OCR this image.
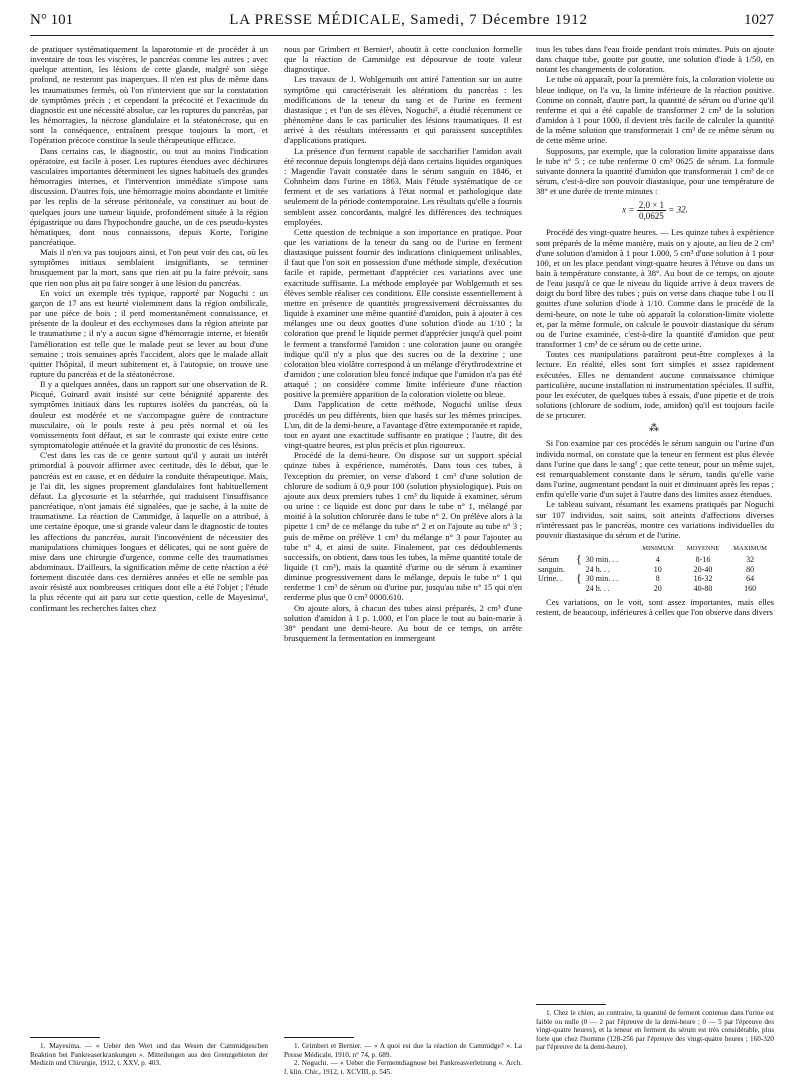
N° 101	LA PRESSE MÉDICALE, Samedi, 7 Décembre 1912	1027

de pratiquer systématiquement la laparotomie et de procéder à un inventaire de tous les viscères, le pancréas comme les autres ; avec quelque attention, les lésions de cette glande, malgré son siège profond, ne resteront pas inaperçues. Il n'en est plus de même dans les traumatismes fermés, où l'on n'intervient que sur la constatation de symptômes précis ; et cependant la précocité et l'exactitude du diagnostic est une nécessité absolue, car les ruptures du pancréas, par les hémorragies, la nécrose glandulaire et la stéatonécrose, qui en sont la conséquence, entraînent presque toujours la mort, et l'opération précoce constitue la seule thérapeutique efficace.

Dans certains cas, le diagnostic, ou tout au moins l'indication opératoire, est facile à poser. Les ruptures étendues avec déchirures vasculaires importantes déterminent les signes habituels des grandes hémorragies internes, et l'intervention immédiate s'impose sans discussion. D'autres fois, une hémorragie moins abondante et limitée par les replis de la séreuse péritonéale, va constituer au bout de quelques jours une tumeur liquide, profondément située à la région épigastrique ou dans l'hypochondre gauche, un de ces pseudo-kystes hématiques, dont nous connaissons, depuis Korte, l'origine pancréatique.

Mais il n'en va pas toujours ainsi, et l'on peut voir des cas, où les symptômes initiaux semblaient insignifiants, se terminer brusquement par la mort, sans que rien ait pu la faire prévoir, sans que rien non plus ait pu faire songer à une lésion du pancréas.

En voici un exemple très typique, rapporté par Noguchi : un garçon de 17 ans est heurté violemment dans la région ombilicale, par une pièce de bois ; il perd momentanément connaissance, et présente de la douleur et des ecchymoses dans la région atteinte par le traumatisme ; il n'y a aucun signe d'hémorragie interne, et bientôt l'amélioration est telle que le malade peut se lever au bout d'une semaine ; trois semaines après l'accident, alors que le malade allait quitter l'hôpital, il meurt subitement et, à l'autopsie, on trouve une rupture du pancréas et de la stéatonécrose.

Il y a quelques années, dans un rapport sur une observation de R. Picqué, Guinard avait insisté sur cette bénignité apparente des symptômes initiaux dans les ruptures isolées du pancréas, où la douleur est modérée et ne s'accompagne guère de contracture musculaire, où le pouls reste à peu près normal et où les vomissements font défaut, et sur le contraste qui existe entre cette symptomatologie atténuée et la gravité du pronostic de ces lésions.

C'est dans les cas de ce genre surtout qu'il y aurait un intérêt primordial à pouvoir affirmer avec certitude, dès le début, que le pancréas est en cause, et en déduire la conduite thérapeutique. Mais, je l'ai dit, les signes proprement glandulaires font habituellement défaut. La glycosurie et la stéarrhée, qui traduisent l'insuffisance pancréatique, n'ont jamais été signalées, que je sache, à la suite de traumatisme. La réaction de Cammidge, à laquelle on a attribué, à une certaine époque, une si grande valeur dans le diagnostic de toutes les affections du pancréas, aurait l'inconvénient de nécessiter des manipulations chimiques longues et délicates, qui ne sont guère de mise dans une chirurgie d'urgence, comme celle des traumatismes abdominaux. D'ailleurs, la signification même de cette réaction a été fortement discutée dans ces dernières années et elle ne semble pas avoir résisté aux nombreuses critiques dont elle a été l'objet ; l'étude la plus récente qui ait paru sur cette question, celle de Mayesima¹, confirmant les recherches faites chez

1. Mayesima. — « Ueber den Wert und das Wesen der Cammidgeschen Reaktion bei Pankreaserkrankungen ». Mitteilungen aus den Grenzgebieten der Medizin und Chirurgie, 1912, t. XXV, p. 403.

nous par Grimbert et Bernier¹, aboutit à cette conclusion formelle que la réaction de Cammidge est dépourvue de toute valeur diagnostique.

Les travaux de J. Wohlgemuth ont attiré l'attention sur un autre symptôme qui caractériserait les altérations du pancréas : les modifications de la teneur du sang et de l'urine en ferment diastasique ; et l'un de ses élèves, Noguchi², a étudié récemment ce phénomène dans le cas particulier des lésions traumatiques. Il est arrivé à des résultats intéressants et qui paraissent susceptibles d'applications pratiques.

La présence d'un ferment capable de saccharifier l'amidon avait été reconnue depuis longtemps déjà dans certains liquides organiques : Magendie l'avait constatée dans le sérum sanguin en 1846, et Cohnheim dans l'urine en 1863. Mais l'étude systématique de ce ferment et de ses variations à l'état normal et pathologique date seulement de la période contemporaine. Les résultats qu'elle a fournis semblent assez concordants, malgré les différences des techniques employées.

Cette question de technique a son importance en pratique. Pour que les variations de la teneur du sang ou de l'urine en ferment diastasique puissent fournir des indications cliniquement utilisables, il faut que l'on soit en possession d'une méthode simple, d'exécution facile et rapide, permettant d'apprécier ces variations avec une exactitude suffisante. La méthode employée par Wohlgemuth et ses élèves semble réaliser ces conditions. Elle consiste essentiellement à mettre en présence de quantités progressivement décroissantes du liquide à examiner une même quantité d'amidon, puis à ajouter à ces mélanges une ou deux gouttes d'une solution d'iode au 1/10 ; la coloration que prend le liquide permet d'apprécier jusqu'à quel point le ferment a transformé l'amidon : une coloration jaune ou orangée indique qu'il n'y a plus que des sucres ou de la dextrine ; une coloration bleu violâtre correspond à un mélange d'érythrodextrine et d'amidon ; une coloration bleu foncé indique que l'amidon n'a pas été attaqué ; on considère comme limite inférieure d'une réaction positive la première apparition de la coloration violette ou bleue.

Dans l'application de cette méthode, Noguchi utilise deux procédés un peu différents, bien que basés sur les mêmes principes. L'un, dit de la demi-heure, a l'avantage d'être extemporanée et rapide, tout en ayant une exactitude suffisante en pratique ; l'autre, dit des vingt-quatre heures, est plus précis et plus rigoureux.

Procédé de la demi-heure. On dispose sur un support spécial quinze tubes à expérience, numérotés. Dans tous ces tubes, à l'exception du premier, on verse d'abord 1 cm³ d'une solution de chlorure de sodium à 0,9 pour 100 (solution physiologique). Puis on ajoute aux deux premiers tubes 1 cm³ du liquide à examiner, sérum ou urine : ce liquide est donc pur dans le tube n° 1, mélangé par moitié à la solution chlorurée dans le tube n° 2. On prélève alors à la pipette 1 cm³ de ce mélange du tube n° 2 et on l'ajoute au tube n° 3 ; puis de même on prélève 1 cm³ du mélange n° 3 pour l'ajouter au tube n° 4, et ainsi de suite. Finalement, par ces dédoublements successifs, on obtient, dans tous les tubes, la même quantité totale de liquide (1 cm³), mais la quantité d'urine ou de sérum à examiner diminue progressivement dans le mélange, depuis le tube n° 1 qui renferme 1 cm³ de sérum ou d'urine pur, jusqu'au tube n° 15 qui n'en renferme plus que 0 cm³ 0000.610.

On ajoute alors, à chacun des tubes ainsi préparés, 2 cm³ d'une solution d'amidon à 1 p. 1.000, et l'on place le tout au bain-marie à 38° pendant une demi-heure. Au bout de ce temps, on arrête brusquement la fermentation en immergeant

1. Grimbert et Bernier. — « A quoi est due la réaction de Cammidge? ». La Presse Médicale, 1910, n° 74, p. 689.

2. Noguchi. — « Ueber die Fermentdiagnose bei Pankreasverletzung ». Arch. f. klin. Chir., 1912, t. XCVIII, p. 545.

tous les tubes dans l'eau froide pendant trois minutes. Puis on ajoute dans chaque tube, goutte par goutte, une solution d'iode à 1/50, en notant les changements de coloration.

Le tube où apparaît, pour la première fois, la coloration violette ou bleue indique, on l'a vu, la limite inférieure de la réaction positive. Comme on connaît, d'autre part, la quantité de sérum ou d'urine qu'il renferme et qui a été capable de transformer 2 cm³ de la solution d'amidon à 1 pour 1000, il devient très facile de calculer la quantité de la même solution que transformerait 1 cm³ de ce même sérum ou de cette même urine.

Supposons, par exemple, que la coloration limite apparaisse dans le tube n° 5 ; ce tube renferme 0 cm³ 0625 de sérum. La formule suivante donnera la quantité d'amidon que transformerait 1 cm³ de ce sérum, c'est-à-dire son pouvoir diastasique, pour une température de 38° et une durée de trente minutes :

$x = \frac{2,0 \times 1}{0,0625} = 32$.

Procédé des vingt-quatre heures. — Les quinze tubes à expérience sont préparés de la même manière, mais on y ajoute, au lieu de 2 cm³ d'une solution d'amidon à 1 pour 1.000, 5 cm³ d'une solution à 1 pour 100, et on les place pendant vingt-quatre heures à l'étuve ou dans un bain à température constante, à 38°. Au bout de ce temps, on ajoute de l'eau jusqu'à ce que le niveau du liquide arrive à deux travers de doigt du bord libre des tubes ; puis on verse dans chaque tube I ou II gouttes d'une solution d'iode à 1/10. Comme dans le procédé de la demi-heure, on note le tube où apparaît la coloration-limite violette et, par la même formule, on calcule le pouvoir diastasique du sérum ou de l'urine examinée, c'est-à-dire la quantité d'amidon que peut transformer 1 cm³ de ce sérum ou de cette urine.

Toutes ces manipulations paraîtront peut-être complexes à la lecture. En réalité, elles sont fort simples et assez rapidement exécutées. Elles ne demandent aucune connaissance chimique particulière, aucune installation ni instrumentation spéciales. Il suffit, pour les exécuter, de quelques tubes à essais, d'une pipette et de trois solutions (chlorure de sodium, iode, amidon) qu'il est toujours facile de se procurer.

⁂

Si l'on examine par ces procédés le sérum sanguin ou l'urine d'un individu normal, on constate que la teneur en ferment est plus élevée dans l'urine que dans le sang¹ ; que cette teneur, pour un même sujet, est remarquablement constante dans le sérum, tandis qu'elle varie dans l'urine, augmentant pendant la nuit et diminuant après les repas ; enfin qu'elle varie d'un sujet à l'autre dans des limites assez étendues.

Le tableau suivant, résumant les examens pratiqués par Noguchi sur 107 individus, soit sains, soit atteints d'affections diverses n'intéressant pas le pancréas, montre ces variations individuelles du pouvoir diastasique du sérum et de l'urine.

			MINIMUM	MOYENNE	MAXIMUM
Sérum	{	30 min. . .	4	8-16	32
sanguin.		24 h. . .	10	20-40	80
Urine. .	{	30 min. . .	8	16-32	64
		24 h. . .	20	40-80	160

Ces variations, on le voit, sont assez importantes, mais elles restent, de beaucoup, inférieures à celles que l'on observe dans divers

1. Chez le chien, au contraire, la quantité de ferment contenue dans l'urine est faible ou nulle (0 — 2 par l'épreuve de la demi-heure ; 0 — 5 par l'épreuve des vingt-quatre heures), et la teneur en ferment du sérum est très considérable, plus forte que chez l'homme (128-256 par l'épreuve des vingt-quatre heures ; 160-320 par l'épreuve de la demi-heure).
